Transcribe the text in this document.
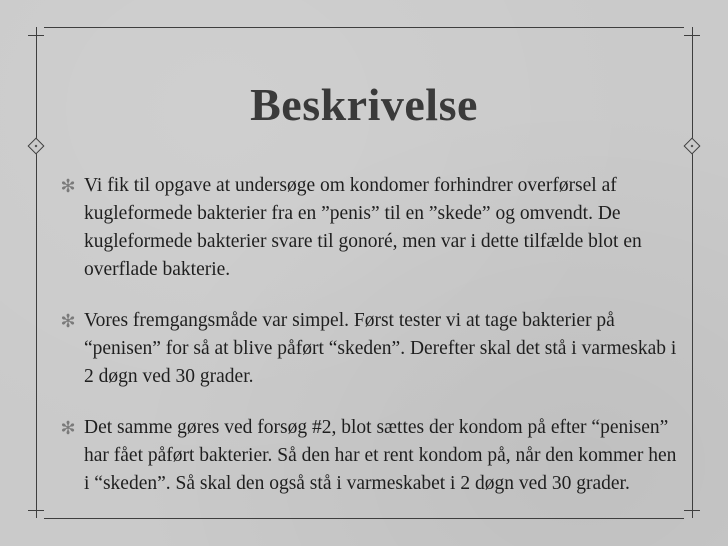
Beskrivelse
✻ Vi fik til opgave at undersøge om kondomer forhindrer overførsel af kugleformede bakterier fra en ”penis” til en ”skede” og omvendt. De kugleformede bakterier svare til gonoré, men var i dette tilfælde blot en overflade bakterie.
✻ Vores fremgangsmåde var simpel. Først tester vi at tage bakterier på “penisen” for så at blive påført “skeden”. Derefter skal det stå i varmeskab i 2 døgn ved 30 grader.
✻ Det samme gøres ved forsøg #2, blot sættes der kondom på efter “penisen” har fået påført bakterier. Så den har et rent kondom på, når den kommer hen i “skeden”. Så skal den også stå i varmeskabet i 2 døgn ved 30 grader.
